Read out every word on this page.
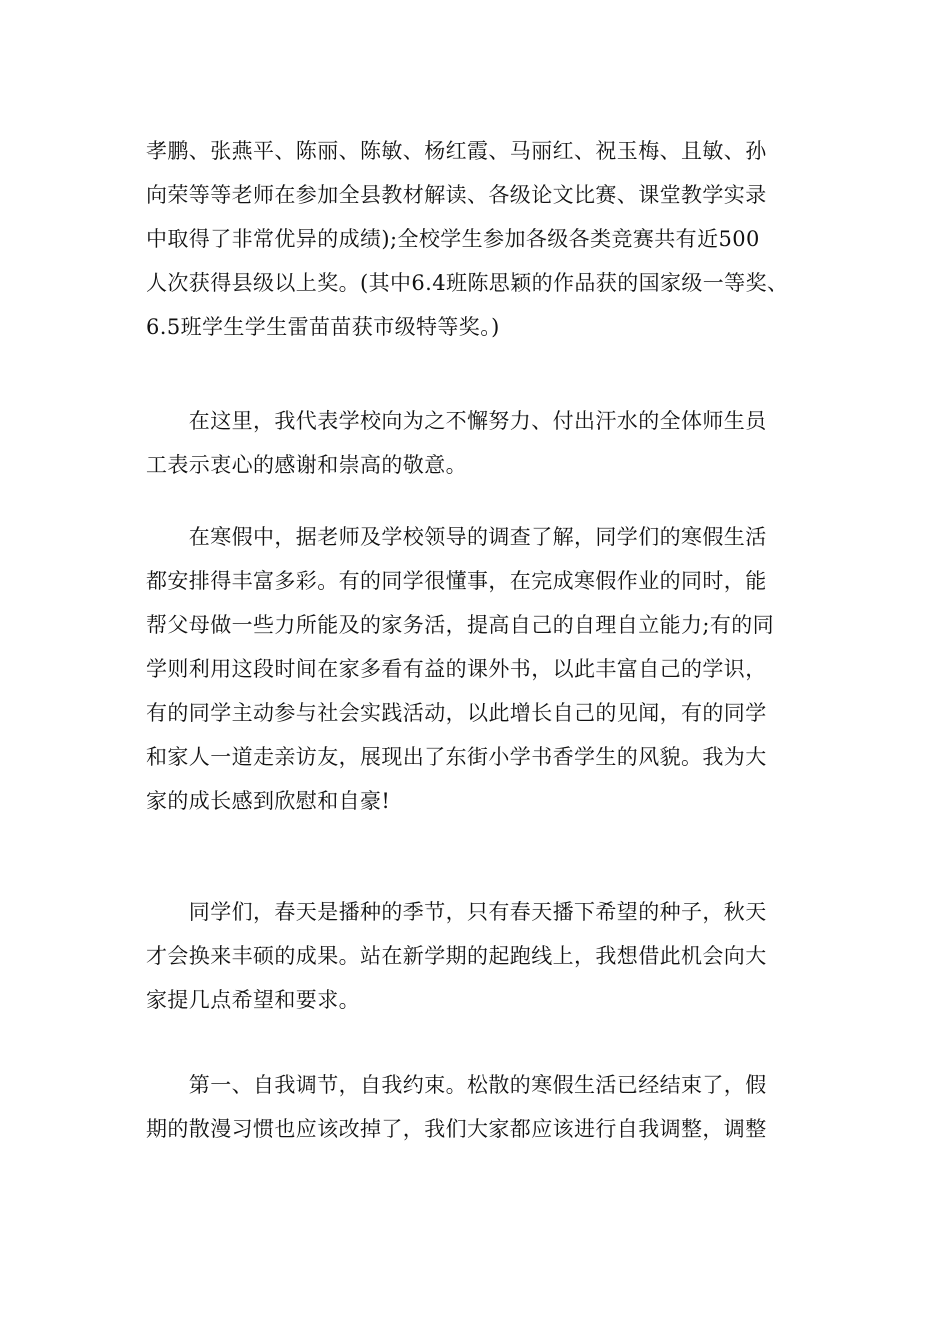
孝鹏、张燕平、陈丽、陈敏、杨红霞、马丽红、祝玉梅、且敏、孙
向荣等等老师在参加全县教材解读、各级论文比赛、课堂教学实录
中取得了非常优异的成绩);全校学生参加各级各类竞赛共有近500
人次获得县级以上奖。(其中6.4班陈思颖的作品获的国家级一等奖、
6.5班学生学生雷苗苗获市级特等奖。)
　　在这里，我代表学校向为之不懈努力、付出汗水的全体师生员
工表示衷心的感谢和崇高的敬意。
　　在寒假中，据老师及学校领导的调查了解，同学们的寒假生活
都安排得丰富多彩。有的同学很懂事，在完成寒假作业的同时，能
帮父母做一些力所能及的家务活，提高自己的自理自立能力;有的同
学则利用这段时间在家多看有益的课外书，以此丰富自己的学识，
有的同学主动参与社会实践活动，以此增长自己的见闻，有的同学
和家人一道走亲访友，展现出了东街小学书香学生的风貌。我为大
家的成长感到欣慰和自豪!
　　同学们，春天是播种的季节，只有春天播下希望的种子，秋天
才会换来丰硕的成果。站在新学期的起跑线上，我想借此机会向大
家提几点希望和要求。
　　第一、自我调节，自我约束。松散的寒假生活已经结束了，假
期的散漫习惯也应该改掉了，我们大家都应该进行自我调整，调整
